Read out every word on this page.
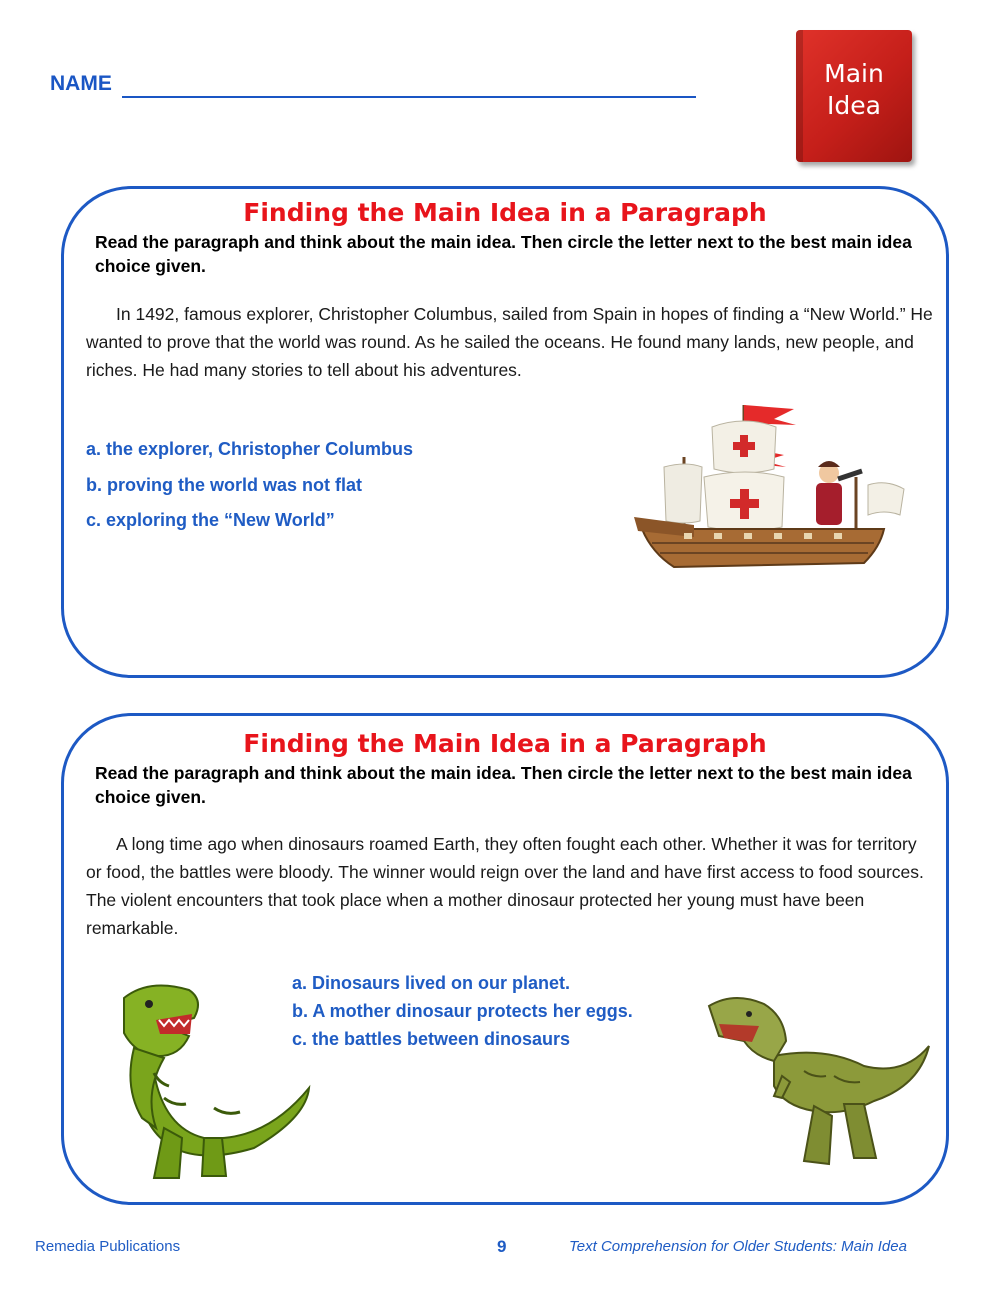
NAME	Main
Idea
Finding the Main Idea in a Paragraph
Read the paragraph and think about the main idea. Then circle the letter next to the best main idea choice given.
In 1492, famous explorer, Christopher Columbus, sailed from Spain in hopes of finding a “New World.” He wanted to prove that the world was round. As he sailed the oceans. He found many lands, new people, and riches. He had many stories to tell about his adventures.
a. the explorer, Christopher Columbus
b. proving the world was not flat
c. exploring the “New World”
Finding the Main Idea in a Paragraph
Read the paragraph and think about the main idea. Then circle the letter next to the best main idea choice given.
A long time ago when dinosaurs roamed Earth, they often fought each other. Whether it was for territory or food, the battles were bloody. The winner would reign over the land and have first access to food sources. The violent encounters that took place when a mother dinosaur protected her young must have been remarkable.
a. Dinosaurs lived on our planet.
b. A mother dinosaur protects her eggs.
c. the battles between dinosaurs
Remedia Publications	9	Text Comprehension for Older Students: Main Idea
